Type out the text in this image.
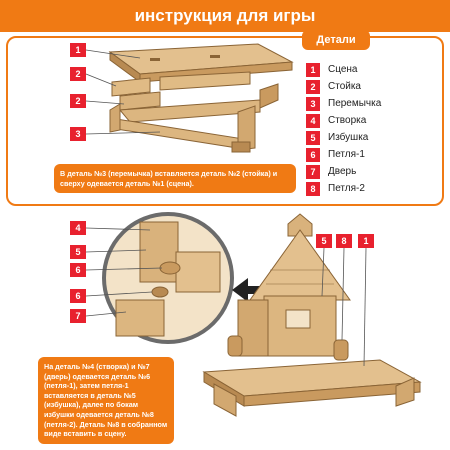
инструкция для игры
Детали
1	Сцена
2	Стойка
3	Перемычка
4	Створка
5	Избушка
6	Петля-1
7	Дверь
8	Петля-2
1
2
2
3
В деталь №3 (перемычка) вставляется деталь №2 (стойка) и сверху одевается деталь №1 (сцена).
4
5
6
6
7
5	8	1
На деталь №4 (створка) и №7 (дверь) одевается деталь №6 (петля-1), затем петля-1 вставляется в деталь №5 (избушка), далее по бокам избушки одевается деталь №8 (петля-2). Деталь №8 в собранном виде вставить в сцену.
